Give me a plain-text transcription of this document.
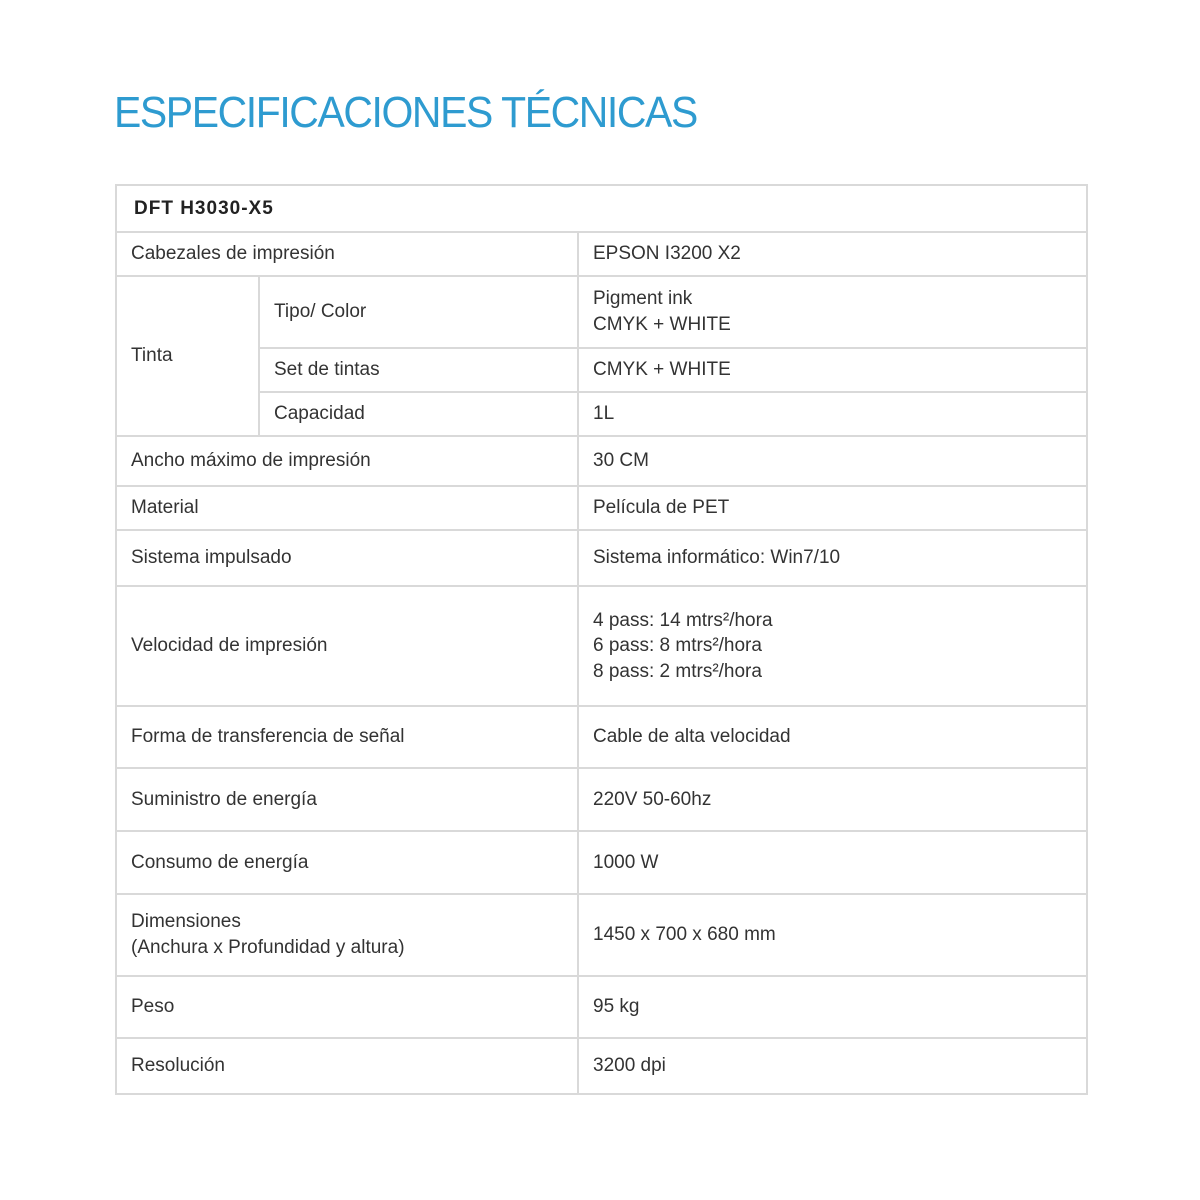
ESPECIFICACIONES TÉCNICAS
DFT H3030-X5		
Cabezales de impresión		EPSON I3200 X2
Tinta	Tipo/ Color	Pigment ink
CMYK + WHITE
	Set de tintas	CMYK + WHITE
	Capacidad	1L
Ancho máximo de impresión		30 CM
Material		Película de PET
Sistema impulsado		Sistema informático: Win7/10
Velocidad de impresión		4 pass: 14 mtrs²/hora
6 pass: 8 mtrs²/hora
8 pass: 2 mtrs²/hora
Forma de transferencia de señal		Cable de alta velocidad
Suministro de energía		220V 50-60hz
Consumo de energía		1000 W
Dimensiones
(Anchura x Profundidad y altura)		1450 x 700 x 680 mm
Peso		95 kg
Resolución		3200 dpi
